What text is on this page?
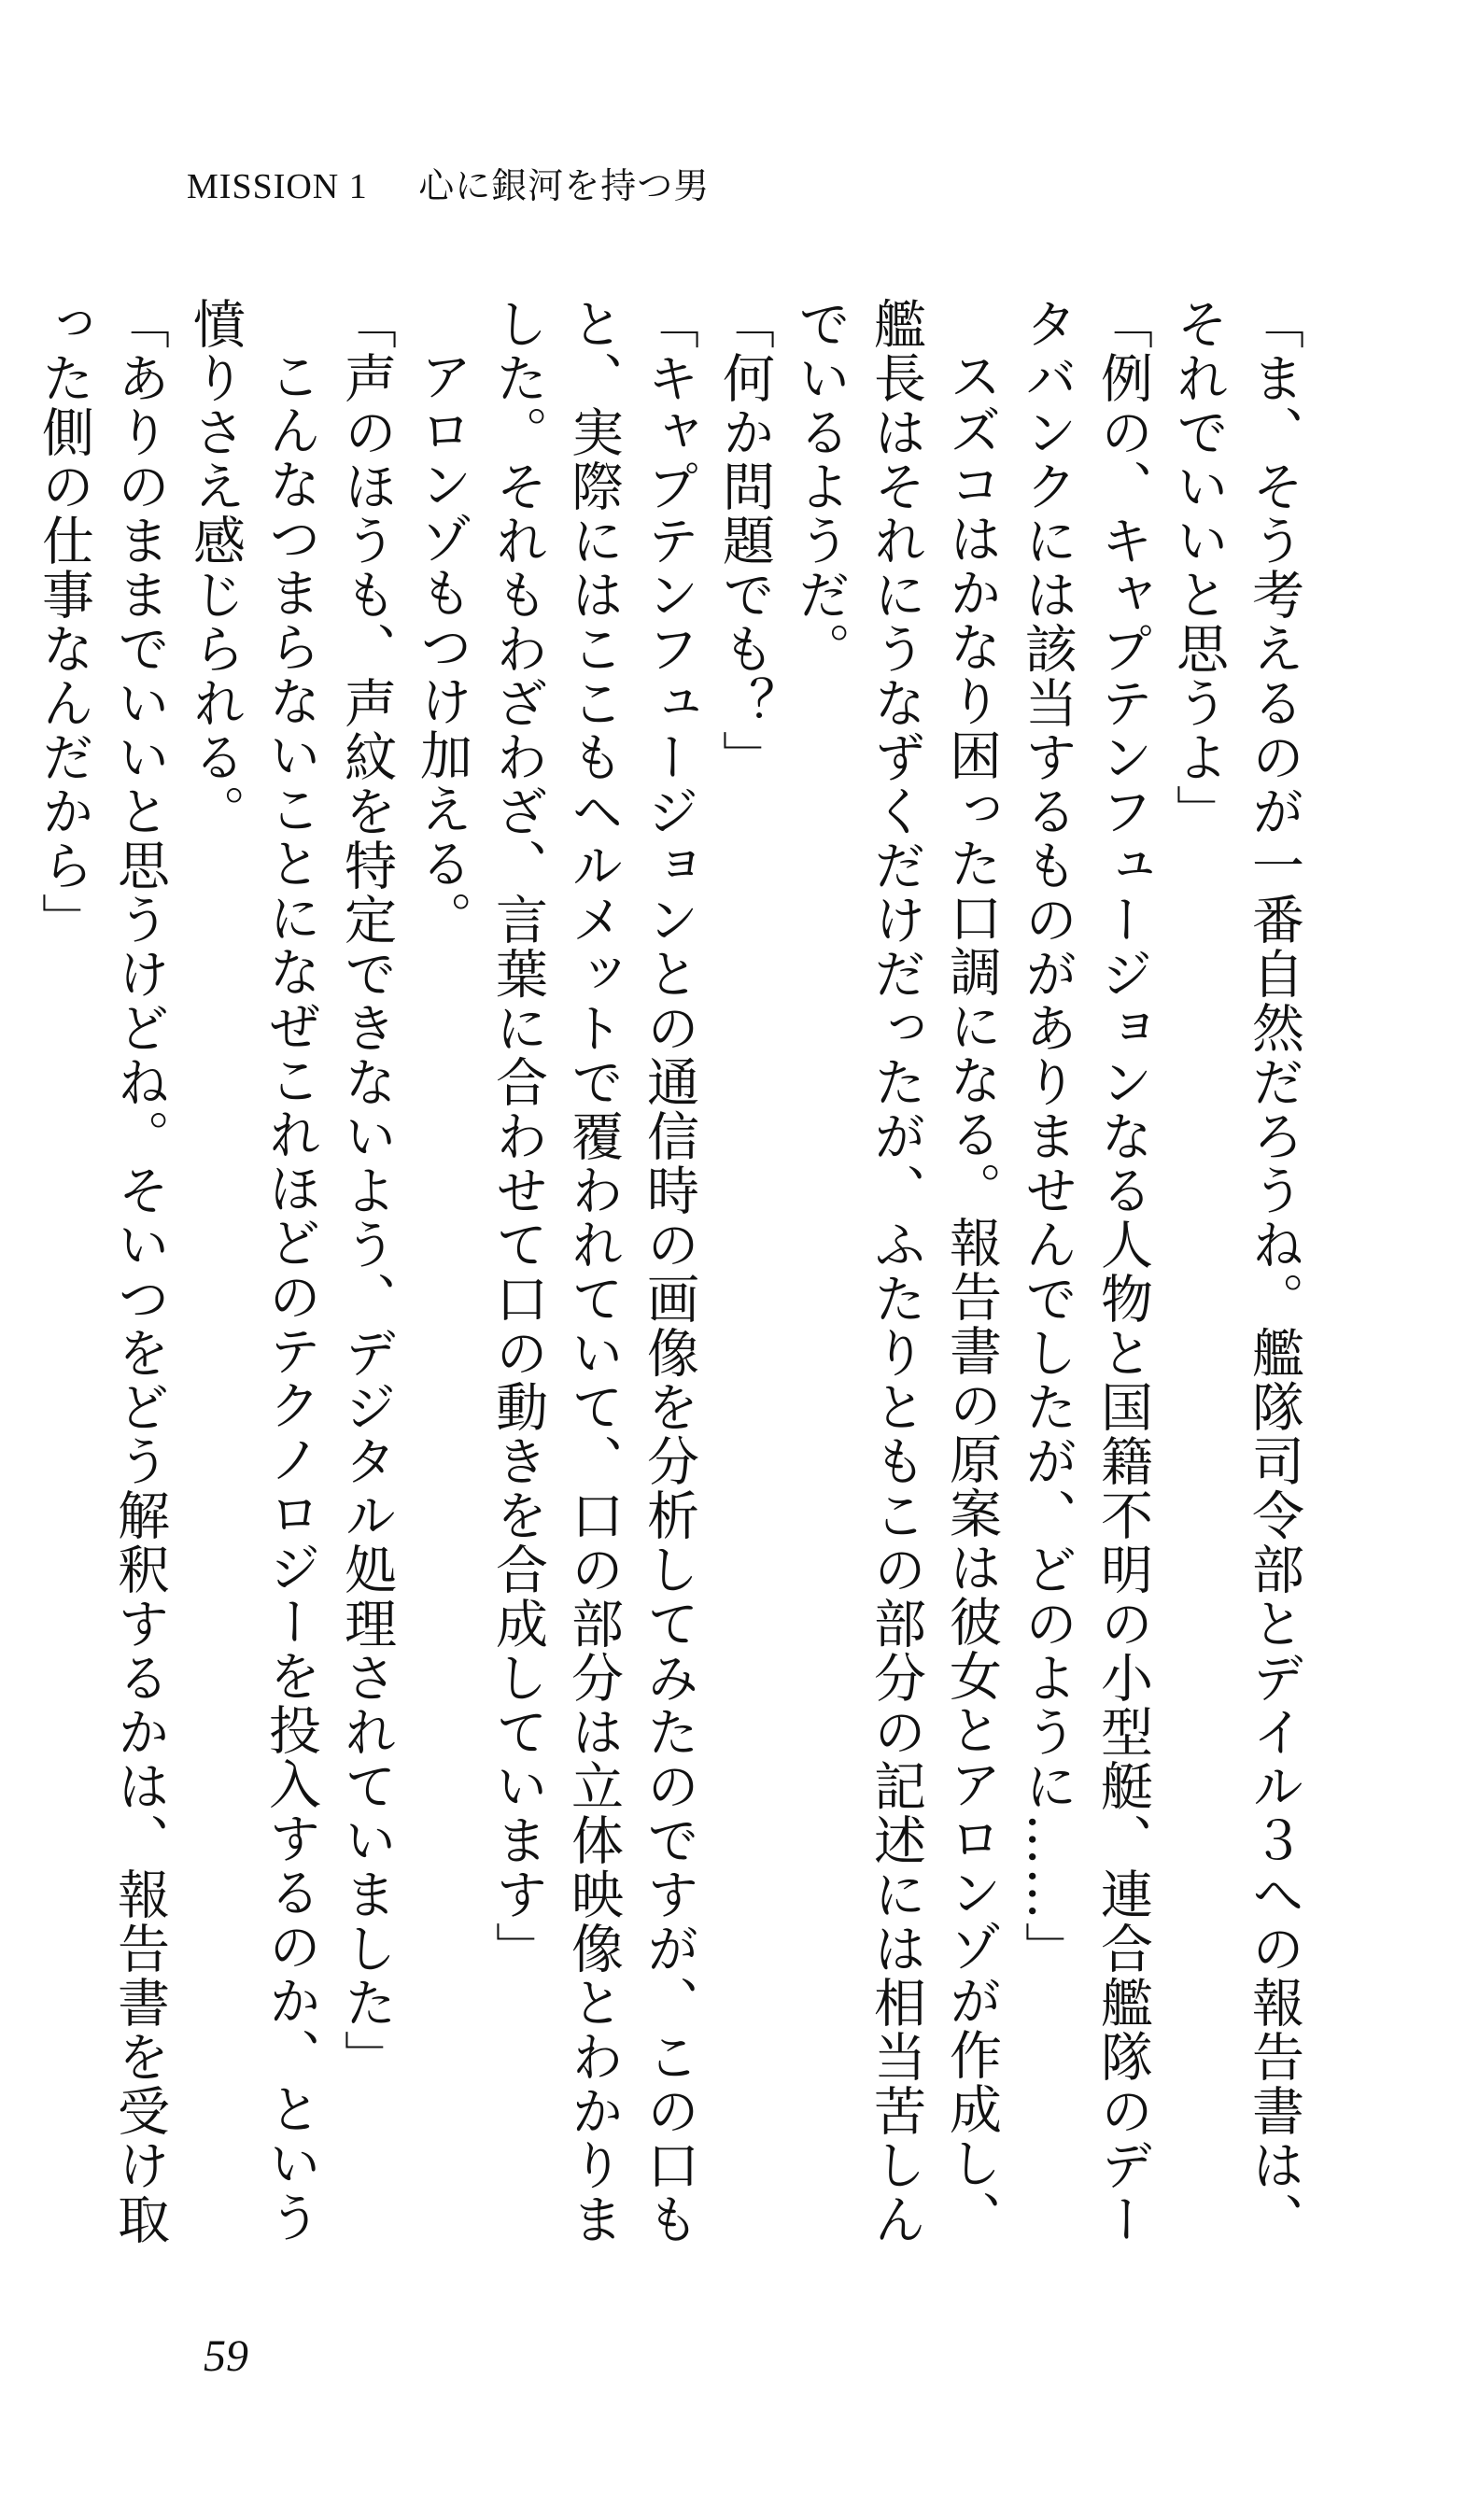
MISSION 1 心に銀河を持つ男

「ま、そう考えるのが一番自然だろうね。艦隊司令部とデイル３への報告書は、それでいいと思うよ」

「例の、キャプテンフュージョンなる人物と国籍不明の小型艇、連合艦隊のデータバンクには該当するものがありませんでしたが、どのように……」

スズコはかなり困った口調になる。報告書の原案は彼女とアロンゾが作成し、艦長はそれにうなずくだけだったが、ふたりともこの部分の記述には相当苦しんでいるようだ。

「何か問題でも？」

「キャプテンフュージョンとの通信時の画像を分析してみたのですが、この口もと、実際にはここもヘルメットで覆われていて、口の部分は立体映像とわかりました。それもわざわざ、言葉に合わせて口の動きを合成しています」

アロンゾもつけ加える。

「声のほうも、声紋を特定できないよう、デジタル処理されていました」

こんなつまらないことになぜこれほどのテクノロジーを投入するのか、という憤りさえ感じられる。

「ありのままでいいと思うけどね。そいつをどう解釈するかは、報告書を受け取った側の仕事なんだから」

59
